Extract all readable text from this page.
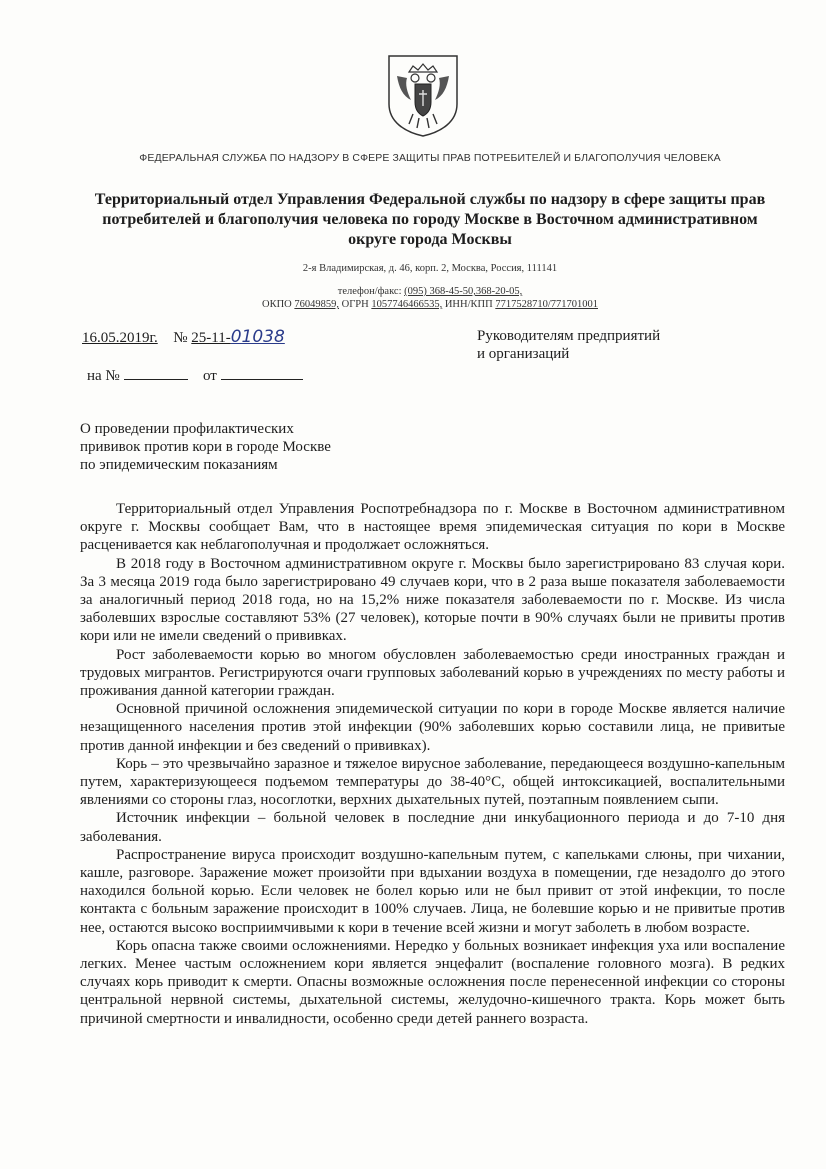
ФЕДЕРАЛЬНАЯ СЛУЖБА ПО НАДЗОРУ В СФЕРЕ ЗАЩИТЫ ПРАВ ПОТРЕБИТЕЛЕЙ И БЛАГОПОЛУЧИЯ ЧЕЛОВЕКА
Территориальный отдел Управления Федеральной службы по надзору в сфере защиты прав потребителей и благополучия человека по городу Москве в Восточном административном округе города Москвы
2-я Владимирская, д. 46, корп. 2, Москва, Россия, 111141
телефон/факс: (095) 368-45-50,368-20-05,
ОКПО 76049859, ОГРН 1057746466535, ИНН/КПП 7717528710/771701001
16.05.2019г. № 25-11-01038
на №	от
Руководителям предприятий
и организаций
О проведении профилактических
прививок против кори в городе Москве
по эпидемическим показаниям

Территориальный отдел Управления Роспотребнадзора по г. Москве в Восточном административном округе г. Москвы сообщает Вам, что в настоящее время эпидемическая ситуация по кори в Москве расценивается как неблагополучная и продолжает осложняться.

В 2018 году в Восточном административном округе г. Москвы было зарегистрировано 83 случая кори. За 3 месяца 2019 года было зарегистрировано 49 случаев кори, что в 2 раза выше показателя заболеваемости за аналогичный период 2018 года, но на 15,2% ниже показателя заболеваемости по г. Москве. Из числа заболевших взрослые составляют 53% (27 человек), которые почти в 90% случаях были не привиты против кори или не имели сведений о прививках.

Рост заболеваемости корью во многом обусловлен заболеваемостью среди иностранных граждан и трудовых мигрантов. Регистрируются очаги групповых заболеваний корью в учреждениях по месту работы и проживания данной категории граждан.

Основной причиной осложнения эпидемической ситуации по кори в городе Москве является наличие незащищенного населения против этой инфекции (90% заболевших корью составили лица, не привитые против данной инфекции и без сведений о прививках).

Корь – это чрезвычайно заразное и тяжелое вирусное заболевание, передающееся воздушно-капельным путем, характеризующееся подъемом температуры до 38-40°С, общей интоксикацией, воспалительными явлениями со стороны глаз, носоглотки, верхних дыхательных путей, поэтапным появлением сыпи.

Источник инфекции – больной человек в последние дни инкубационного периода и до 7-10 дня заболевания.

Распространение вируса происходит воздушно-капельным путем, с капельками слюны, при чихании, кашле, разговоре. Заражение может произойти при вдыхании воздуха в помещении, где незадолго до этого находился больной корью. Если человек не болел корью или не был привит от этой инфекции, то после контакта с больным заражение происходит в 100% случаев. Лица, не болевшие корью и не привитые против нее, остаются высоко восприимчивыми к кори в течение всей жизни и могут заболеть в любом возрасте.

Корь опасна также своими осложнениями. Нередко у больных возникает инфекция уха или воспаление легких. Менее частым осложнением кори является энцефалит (воспаление головного мозга). В редких случаях корь приводит к смерти. Опасны возможные осложнения после перенесенной инфекции со стороны центральной нервной системы, дыхательной системы, желудочно-кишечного тракта. Корь может быть причиной смертности и инвалидности, особенно среди детей раннего возраста.
